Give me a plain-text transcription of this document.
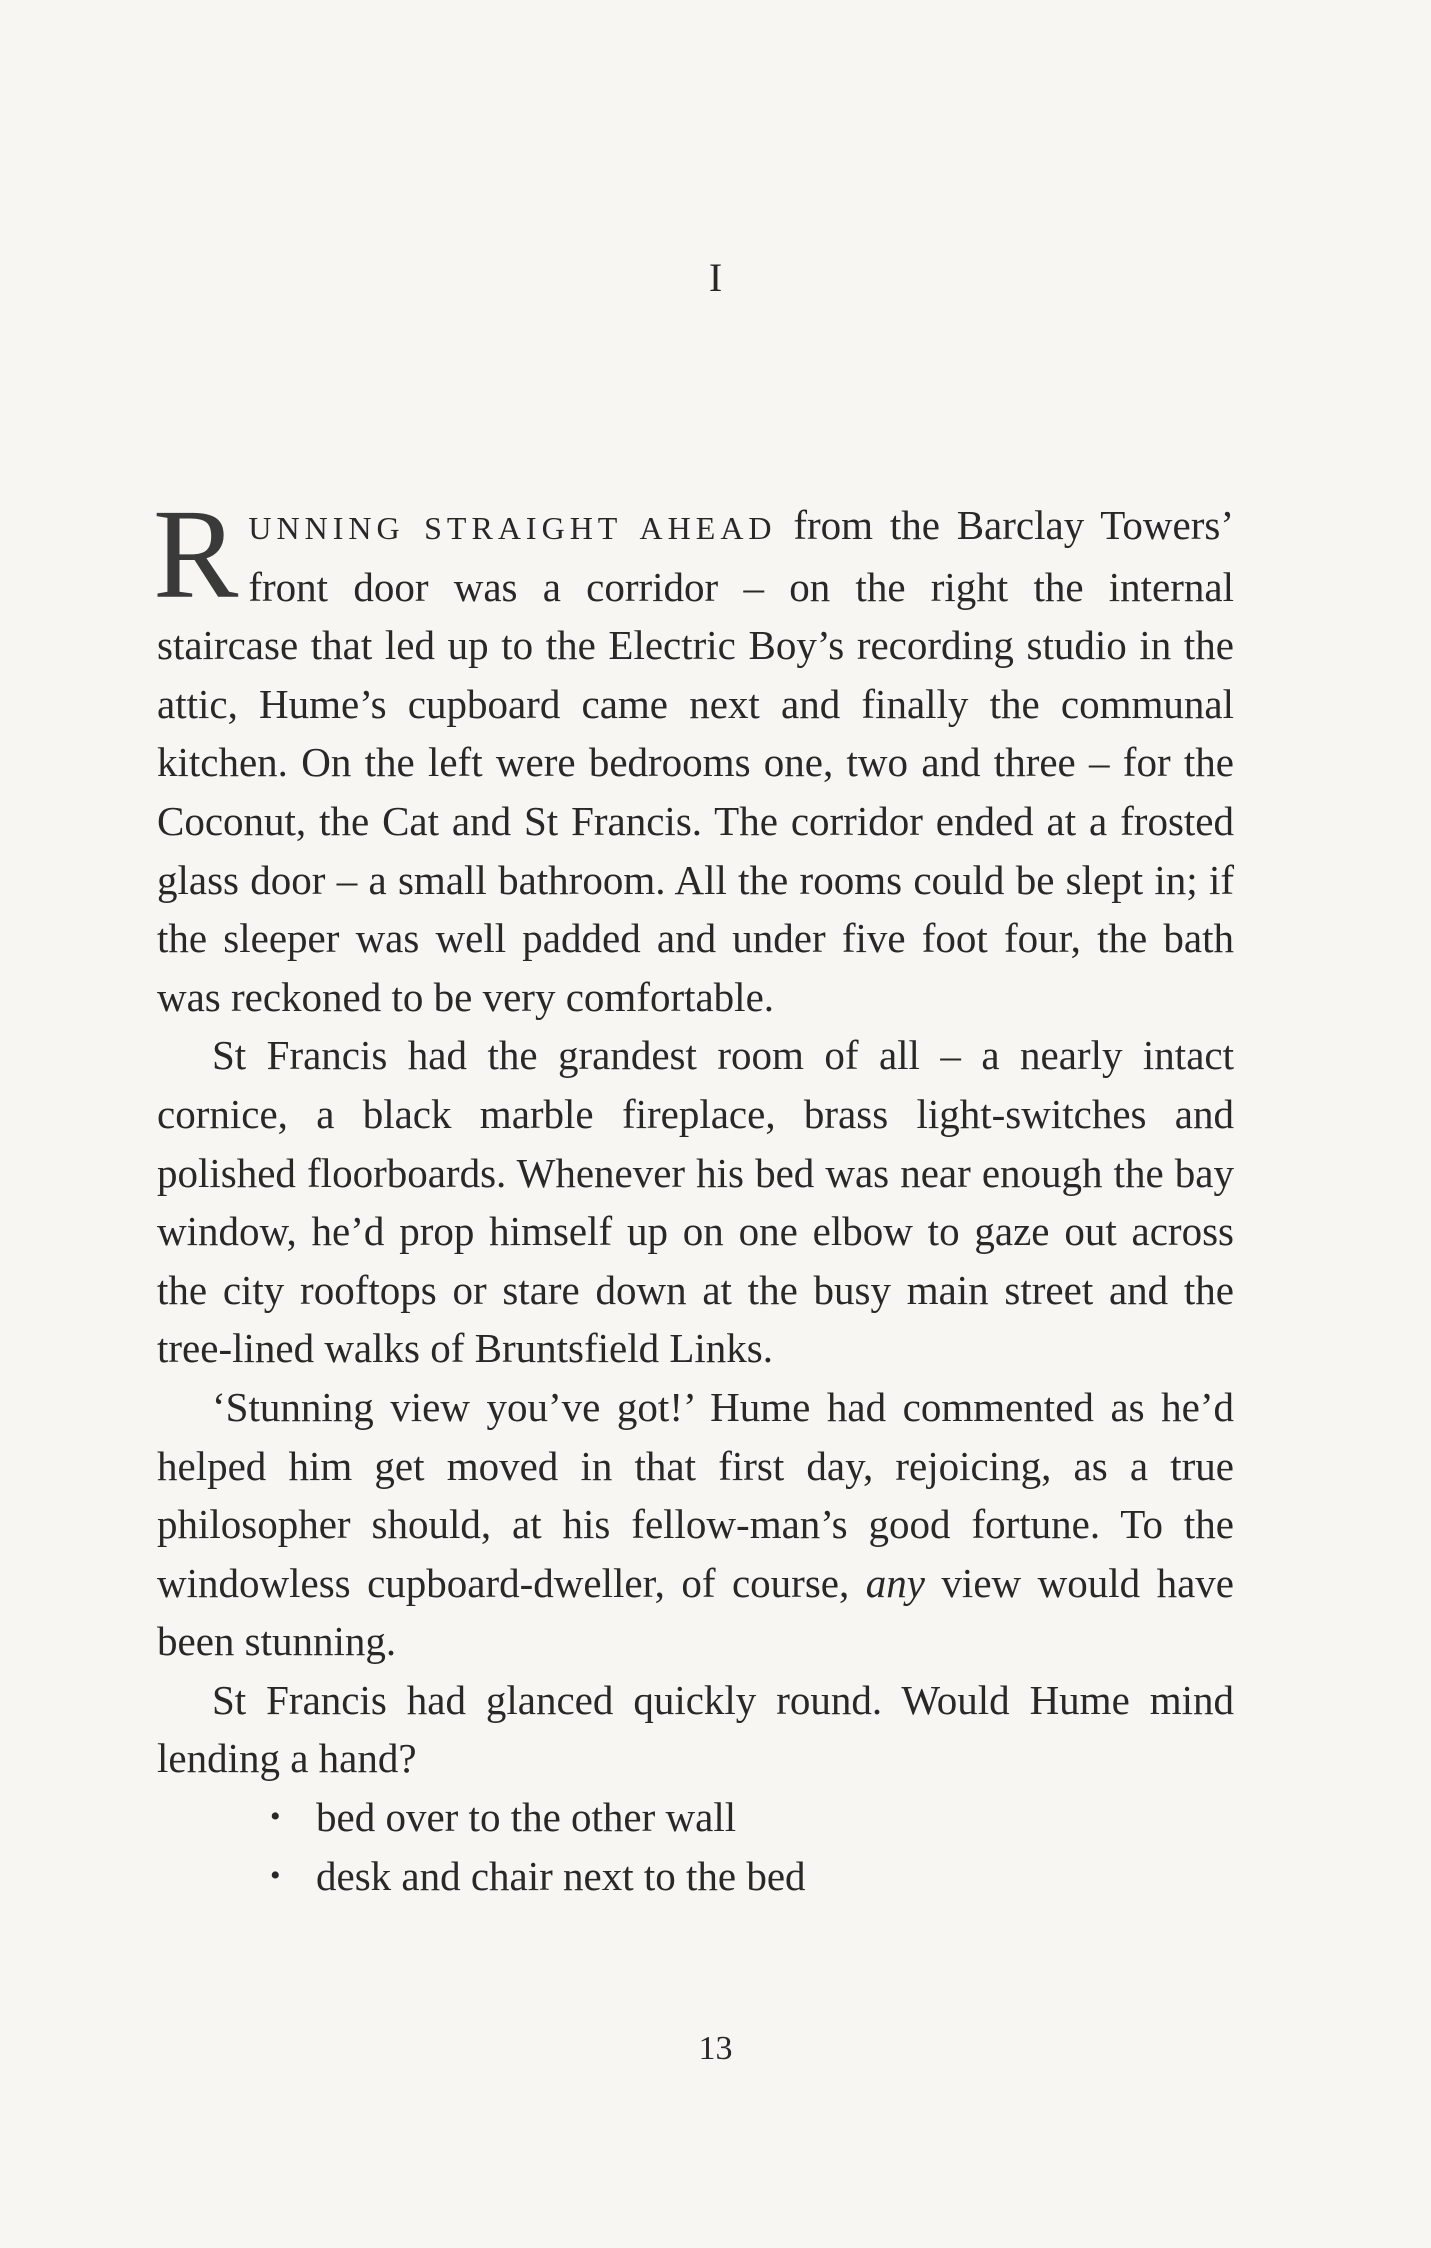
I

RUNNING STRAIGHT AHEAD from the Barclay Towers’ front door was a corridor – on the right the internal staircase that led up to the Electric Boy’s recording studio in the attic, Hume’s cupboard came next and finally the communal kitchen. On the left were bedrooms one, two and three – for the Coconut, the Cat and St Francis. The corridor ended at a frosted glass door – a small bathroom. All the rooms could be slept in; if the sleeper was well padded and under five foot four, the bath was reckoned to be very comfortable.

St Francis had the grandest room of all – a nearly intact cornice, a black marble fireplace, brass light-switches and polished floorboards. Whenever his bed was near enough the bay window, he’d prop himself up on one elbow to gaze out across the city rooftops or stare down at the busy main street and the tree-lined walks of Bruntsfield Links.

‘Stunning view you’ve got!’ Hume had commented as he’d helped him get moved in that first day, rejoicing, as a true philosopher should, at his fellow-man’s good fortune. To the windowless cupboard-dweller, of course, any view would have been stunning.

St Francis had glanced quickly round. Would Hume mind lending a hand?

• bed over to the other wall
• desk and chair next to the bed
13
